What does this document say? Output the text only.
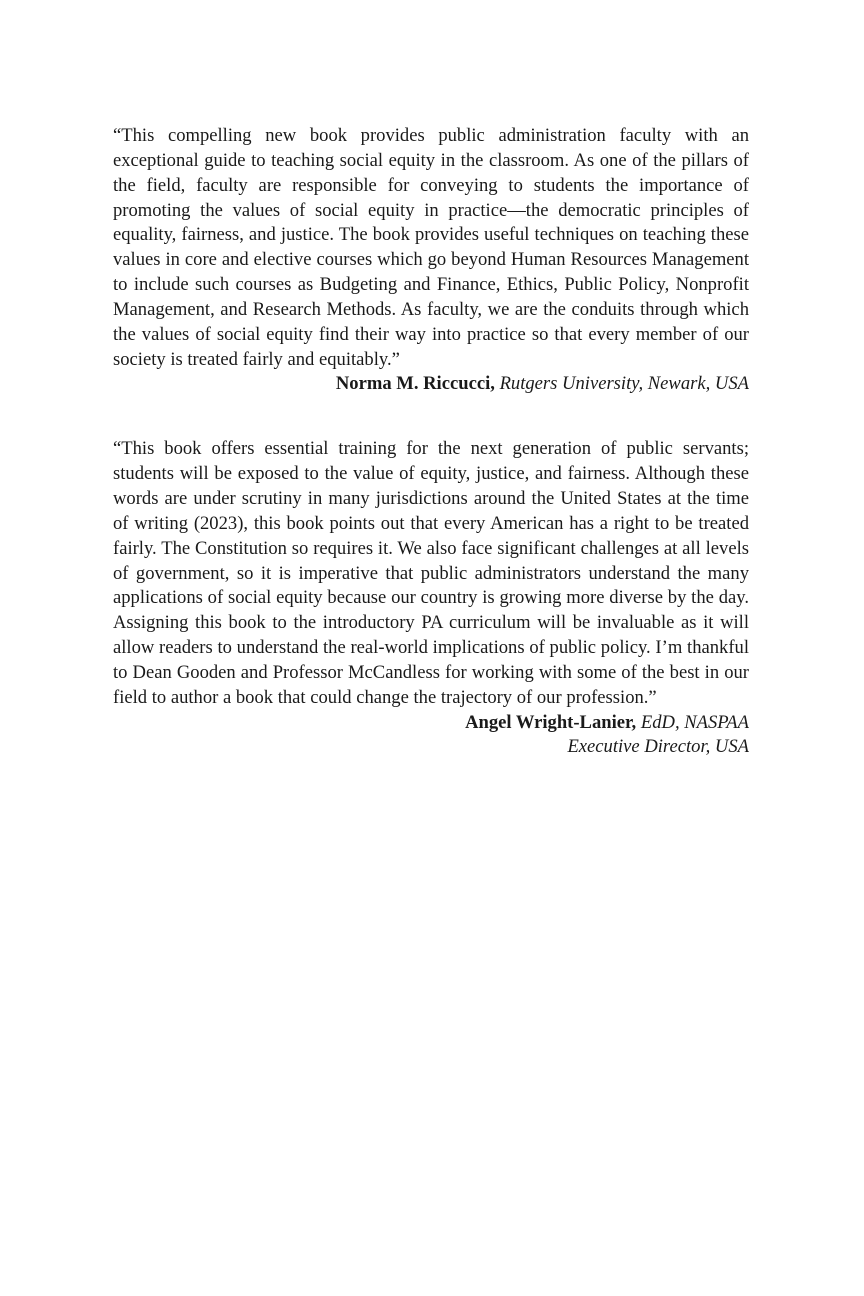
“This compelling new book provides public administration faculty with an exceptional guide to teaching social equity in the classroom. As one of the pillars of the field, faculty are responsible for conveying to students the importance of promoting the values of social equity in practice—the democratic principles of equality, fairness, and justice. The book provides useful techniques on teaching these values in core and elective courses which go beyond Human Resources Management to include such courses as Budgeting and Finance, Ethics, Public Policy, Nonprofit Management, and Research Methods. As faculty, we are the conduits through which the values of social equity find their way into practice so that every member of our society is treated fairly and equitably.”

Norma M. Riccucci, Rutgers University, Newark, USA

“This book offers essential training for the next generation of public servants; students will be exposed to the value of equity, justice, and fairness. Although these words are under scrutiny in many jurisdictions around the United States at the time of writing (2023), this book points out that every American has a right to be treated fairly. The Constitution so requires it. We also face significant challenges at all levels of government, so it is imperative that public administrators understand the many applications of social equity because our country is growing more diverse by the day. Assigning this book to the introductory PA curriculum will be invaluable as it will allow readers to understand the real-world implications of public policy. I’m thankful to Dean Gooden and Professor McCandless for working with some of the best in our field to author a book that could change the trajectory of our profession.”

Angel Wright-Lanier, EdD, NASPAA

Executive Director, USA
